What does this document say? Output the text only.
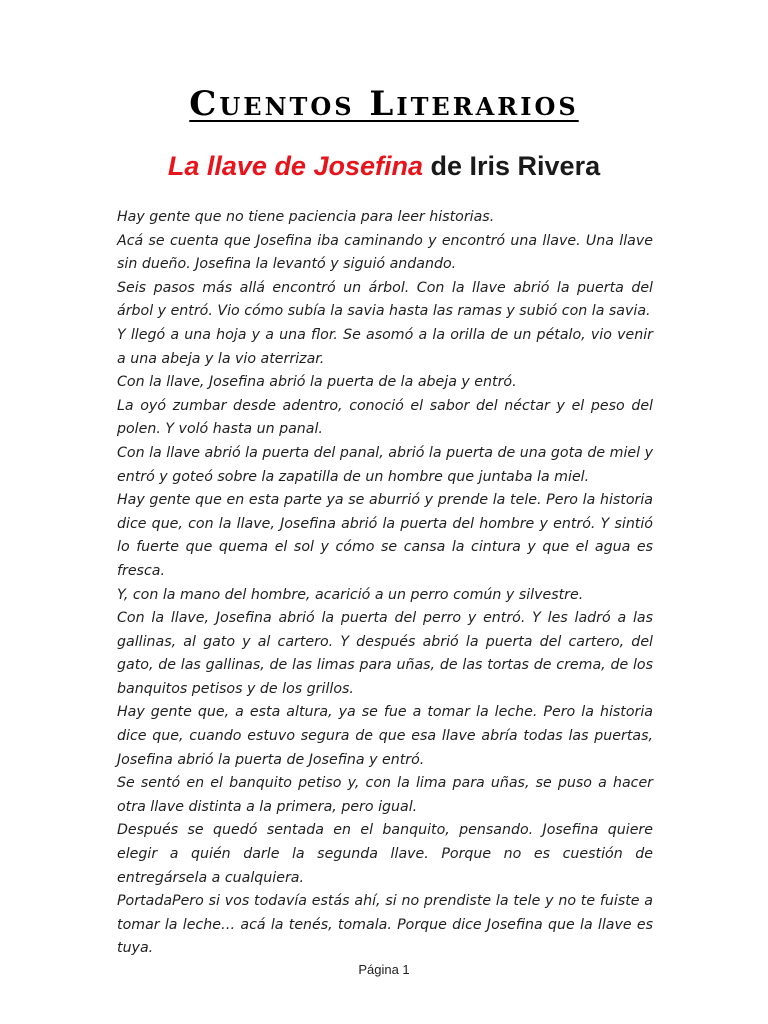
Cuentos Literarios
La llave de Josefina de Iris Rivera

Hay gente que no tiene paciencia para leer historias.

Acá se cuenta que Josefina iba caminando y encontró una llave. Una llave sin dueño. Josefina la levantó y siguió andando.

Seis pasos más allá encontró un árbol. Con la llave abrió la puerta del árbol y entró. Vio cómo subía la savia hasta las ramas y subió con la savia.

Y llegó a una hoja y a una flor. Se asomó a la orilla de un pétalo, vio venir a una abeja y la vio aterrizar.

Con la llave, Josefina abrió la puerta de la abeja y entró.

La oyó zumbar desde adentro, conoció el sabor del néctar y el peso del polen. Y voló hasta un panal.

Con la llave abrió la puerta del panal, abrió la puerta de una gota de miel y entró y goteó sobre la zapatilla de un hombre que juntaba la miel.

Hay gente que en esta parte ya se aburrió y prende la tele. Pero la historia dice que, con la llave, Josefina abrió la puerta del hombre y entró. Y sintió lo fuerte que quema el sol y cómo se cansa la cintura y que el agua es fresca.

Y, con la mano del hombre, acarició a un perro común y silvestre.

Con la llave, Josefina abrió la puerta del perro y entró. Y les ladró a las gallinas, al gato y al cartero. Y después abrió la puerta del cartero, del gato, de las gallinas, de las limas para uñas, de las tortas de crema, de los banquitos petisos y de los grillos.

Hay gente que, a esta altura, ya se fue a tomar la leche. Pero la historia dice que, cuando estuvo segura de que esa llave abría todas las puertas, Josefina abrió la puerta de Josefina y entró.

Se sentó en el banquito petiso y, con la lima para uñas, se puso a hacer otra llave distinta a la primera, pero igual.

Después se quedó sentada en el banquito, pensando. Josefina quiere elegir a quién darle la segunda llave. Porque no es cuestión de entregársela a cualquiera.

PortadaPero si vos todavía estás ahí, si no prendiste la tele y no te fuiste a tomar la leche… acá la tenés, tomala. Porque dice Josefina que la llave es tuya.

Página 1
